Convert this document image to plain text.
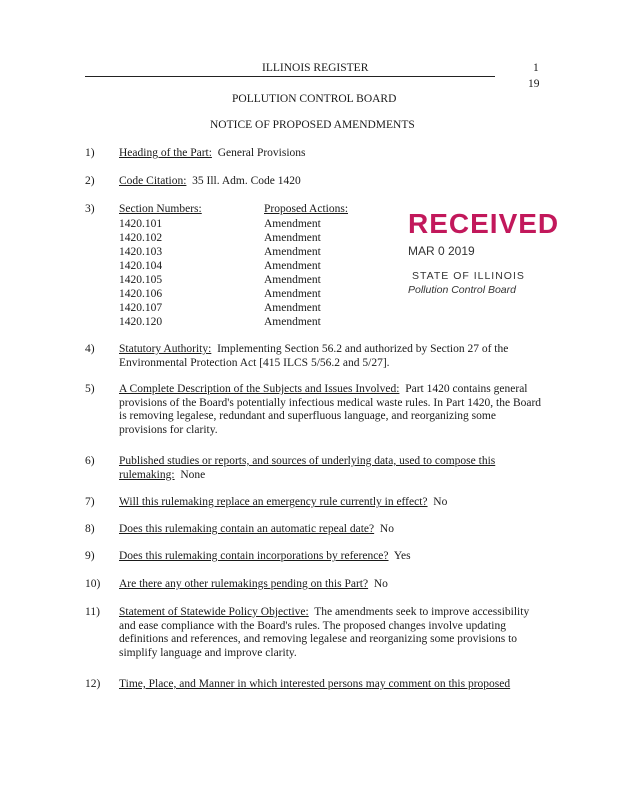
ILLINOIS REGISTER	1
19
POLLUTION CONTROL BOARD
NOTICE OF PROPOSED AMENDMENTS
1) Heading of the Part: General Provisions
2) Code Citation: 35 Ill. Adm. Code 1420
3) Section Numbers:	Proposed Actions:
1420.101	Amendment
1420.102	Amendment
1420.103	Amendment
1420.104	Amendment
1420.105	Amendment
1420.106	Amendment
1420.107	Amendment
1420.120	Amendment
RECEIVED
MAR 0 2019
STATE OF ILLINOIS
Pollution Control Board
4) Statutory Authority: Implementing Section 56.2 and authorized by Section 27 of the Environmental Protection Act [415 ILCS 5/56.2 and 5/27].
5) A Complete Description of the Subjects and Issues Involved: Part 1420 contains general provisions of the Board's potentially infectious medical waste rules. In Part 1420, the Board is removing legalese, redundant and superfluous language, and reorganizing some provisions for clarity.
6) Published studies or reports, and sources of underlying data, used to compose this rulemaking: None
7) Will this rulemaking replace an emergency rule currently in effect? No
8) Does this rulemaking contain an automatic repeal date? No
9) Does this rulemaking contain incorporations by reference? Yes
10) Are there any other rulemakings pending on this Part? No
11) Statement of Statewide Policy Objective: The amendments seek to improve accessibility and ease compliance with the Board's rules. The proposed changes involve updating definitions and references, and removing legalese and reorganizing some provisions to simplify language and improve clarity.
12) Time, Place, and Manner in which interested persons may comment on this proposed
